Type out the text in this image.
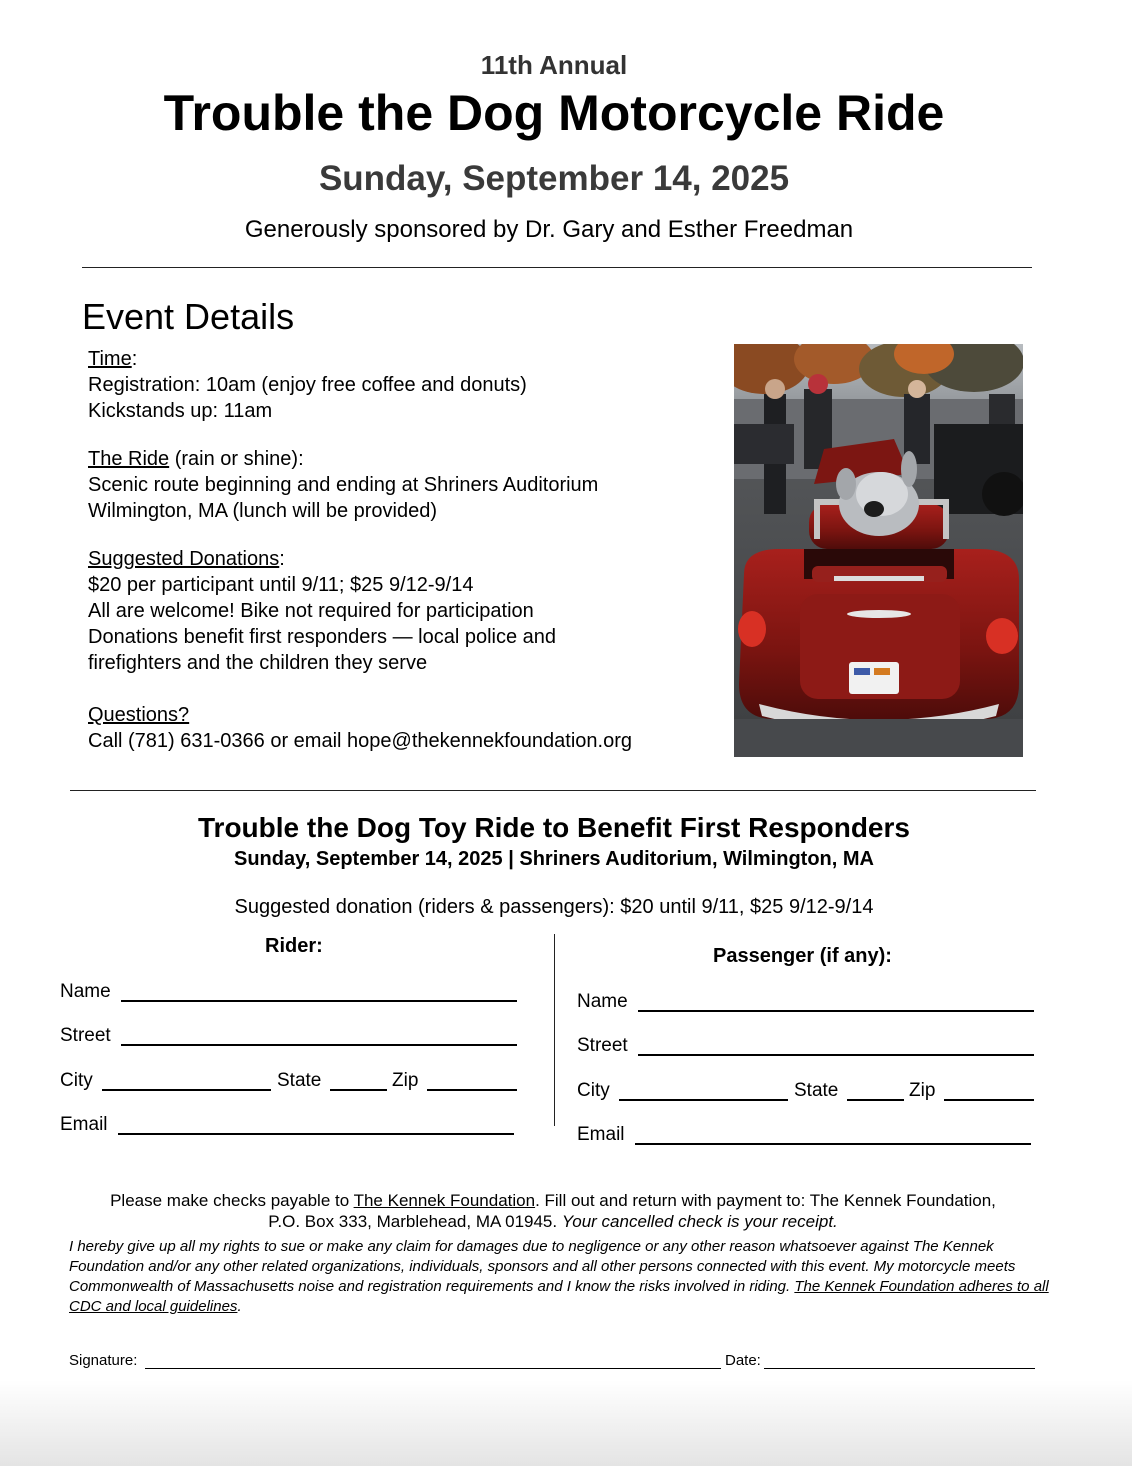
11th Annual
Trouble the Dog Motorcycle Ride
Sunday, September 14, 2025
Generously sponsored by Dr. Gary and Esther Freedman
Event Details
Time:
Registration: 10am (enjoy free coffee and donuts)
Kickstands up: 11am
The Ride (rain or shine):
Scenic route beginning and ending at Shriners Auditorium
Wilmington, MA (lunch will be provided)
Suggested Donations:
$20 per participant until 9/11; $25 9/12-9/14
All are welcome! Bike not required for participation
Donations benefit first responders — local police and
firefighters and the children they serve
Questions?
Call (781) 631-0366 or email hope@thekennekfoundation.org
Trouble the Dog Toy Ride to Benefit First Responders
Sunday, September 14, 2025 | Shriners Auditorium, Wilmington, MA
Suggested donation (riders & passengers): $20 until 9/11, $25 9/12-9/14
Rider:	Passenger (if any):
Name
Street
City	State	Zip
Email
Name
Street
City	State	Zip
Email
Please make checks payable to The Kennek Foundation. Fill out and return with payment to: The Kennek Foundation,
P.O. Box 333, Marblehead, MA 01945. Your cancelled check is your receipt.
I hereby give up all my rights to sue or make any claim for damages due to negligence or any other reason whatsoever against The Kennek Foundation and/or any other related organizations, individuals, sponsors and all other persons connected with this event. My motorcycle meets Commonwealth of Massachusetts noise and registration requirements and I know the risks involved in riding. The Kennek Foundation adheres to all CDC and local guidelines.
Signature:	Date:
